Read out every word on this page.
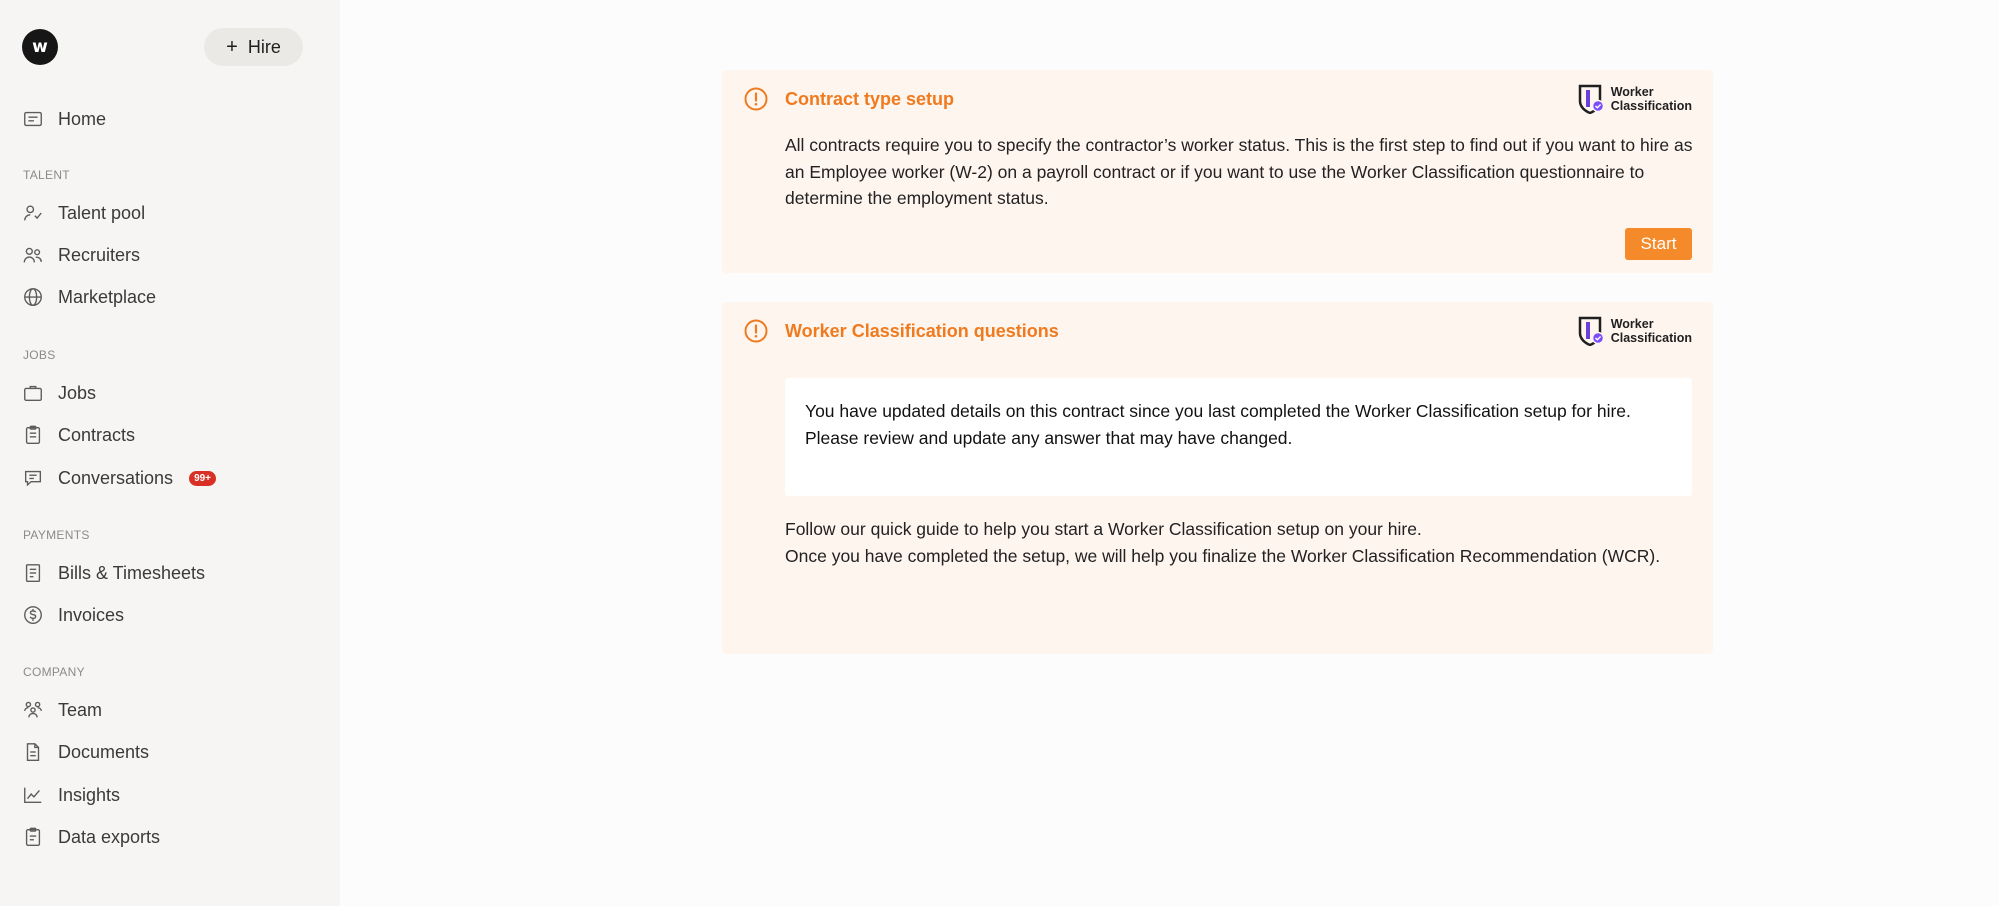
w	+ Hire
Home
TALENT
Talent pool
Recruiters
Marketplace
JOBS
Jobs
Contracts
Conversations	99+
PAYMENTS
Bills & Timesheets
Invoices
COMPANY
Team
Documents
Insights
Data exports
Contract type setup	Worker
Classification
All contracts require you to specify the contractor’s worker status. This is the first step to find out if you want to hire as an Employee worker (W-2) on a payroll contract or if you want to use the Worker Classification questionnaire to determine the employment status.
Start
Worker Classification questions	Worker
Classification
You have updated details on this contract since you last completed the Worker Classification setup for hire.
Please review and update any answer that may have changed.
Follow our quick guide to help you start a Worker Classification setup on your hire.
Once you have completed the setup, we will help you finalize the Worker Classification Recommendation (WCR).
